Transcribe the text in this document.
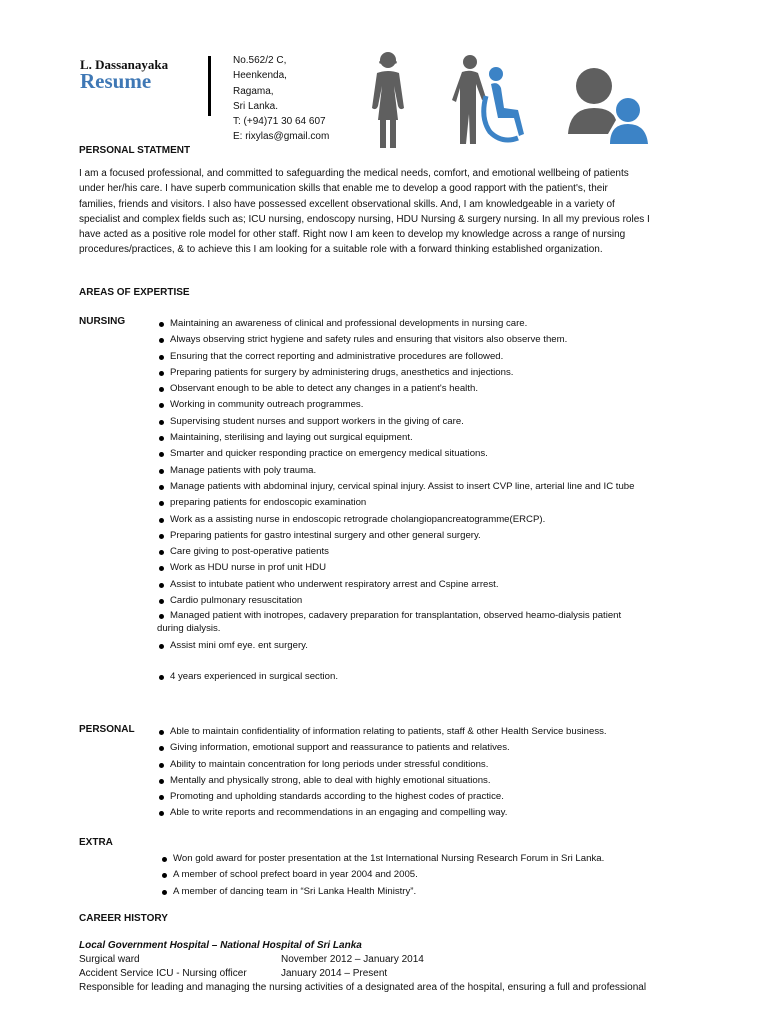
L. Dassanayaka
Resume
No.562/2 C,
Heenkenda,
Ragama,
Sri Lanka.
T: (+94)71 30 64 607
E: rixylas@gmail.com
PERSONAL STATMENT
I am a focused professional, and committed to safeguarding the medical needs, comfort, and emotional wellbeing of patients
under her/his care. I have superb communication skills that enable me to develop a good rapport with the patient's, their
families, friends and visitors. I also have possessed excellent observational skills. And, I am knowledgeable in a variety of
specialist and complex fields such as; ICU nursing, endoscopy nursing, HDU Nursing & surgery nursing. In all my previous roles I
have acted as a positive role model for other staff. Right now I am keen to develop my knowledge across a range of nursing
procedures/practices, & to achieve this I am looking for a suitable role with a forward thinking established organization.
AREAS OF EXPERTISE
NURSING	Maintaining an awareness of clinical and professional developments in nursing care.
Always observing strict hygiene and safety rules and ensuring that visitors also observe them.
Ensuring that the correct reporting and administrative procedures are followed.
Preparing patients for surgery by administering drugs, anesthetics and injections.
Observant enough to be able to detect any changes in a patient's health.
Working in community outreach programmes.
Supervising student nurses and support workers in the giving of care.
Maintaining, sterilising and laying out surgical equipment.
Smarter and quicker responding practice on emergency medical situations.
Manage patients with poly trauma.
Manage patients with abdominal injury, cervical spinal injury. Assist to insert CVP line, arterial line and IC tube
preparing patients for endoscopic examination
Work as a assisting nurse in endoscopic retrograde cholangiopancreatogramme(ERCP).
Preparing patients for gastro intestinal surgery and other general surgery.
Care giving to post-operative patients
Work as HDU nurse in prof unit HDU
Assist to intubate patient who underwent respiratory arrest and Cspine arrest.
Cardio pulmonary resuscitation
Managed patient with inotropes, cadavery preparation for transplantation, observed heamo-dialysis patient
during dialysis.
Assist mini omf eye. ent surgery.
4 years experienced in surgical section.
PERSONAL	Able to maintain confidentiality of information relating to patients, staff & other Health Service business.
Giving information, emotional support and reassurance to patients and relatives.
Ability to maintain concentration for long periods under stressful conditions.
Mentally and physically strong, able to deal with highly emotional situations.
Promoting and upholding standards according to the highest codes of practice.
Able to write reports and recommendations in an engaging and compelling way.
EXTRA
Won gold award for poster presentation at the 1st International Nursing Research Forum in Sri Lanka.
A member of school prefect board in year 2004 and 2005.
A member of dancing team in “Sri Lanka Health Ministry”.
CAREER HISTORY
Local Government Hospital – National Hospital of Sri Lanka
Surgical ward	November 2012 – January 2014
Accident Service ICU - Nursing officer	January 2014 – Present
Responsible for leading and managing the nursing activities of a designated area of the hospital, ensuring a full and professional
